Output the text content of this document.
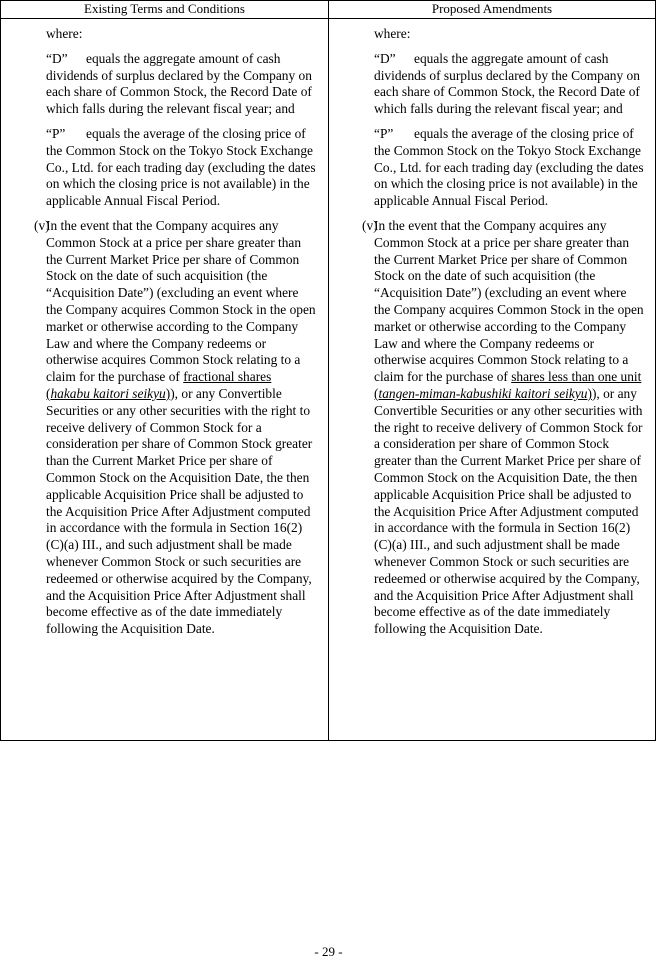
Existing Terms and Conditions	Proposed Amendments

where:

“D” equals the aggregate amount of cash dividends of surplus declared by the Company on each share of Common Stock, the Record Date of which falls during the relevant fiscal year; and

“P” equals the average of the closing price of the Common Stock on the Tokyo Stock Exchange Co., Ltd. for each trading day (excluding the dates on which the closing price is not available) in the applicable Annual Fiscal Period.

(v)
In the event that the Company acquires any Common Stock at a price per share greater than the Current Market Price per share of Common Stock on the date of such acquisition (the “Acquisition Date”) (excluding an event where the Company acquires Common Stock in the open market or otherwise according to the Company Law and where the Company redeems or otherwise acquires Common Stock relating to a claim for the purchase of fractional shares (hakabu kaitori seikyu)), or any Convertible Securities or any other securities with the right to receive delivery of Common Stock for a consideration per share of Common Stock greater than the Current Market Price per share of Common Stock on the Acquisition Date, the then applicable Acquisition Price shall be adjusted to the Acquisition Price After Adjustment computed in accordance with the formula in Section 16(2)(C)(a) III., and such adjustment shall be made whenever Common Stock or such securities are redeemed or otherwise acquired by the Company, and the Acquisition Price After Adjustment shall become effective as of the date immediately following the Acquisition Date.

where:

“D” equals the aggregate amount of cash dividends of surplus declared by the Company on each share of Common Stock, the Record Date of which falls during the relevant fiscal year; and

“P” equals the average of the closing price of the Common Stock on the Tokyo Stock Exchange Co., Ltd. for each trading day (excluding the dates on which the closing price is not available) in the applicable Annual Fiscal Period.

(v)
In the event that the Company acquires any Common Stock at a price per share greater than the Current Market Price per share of Common Stock on the date of such acquisition (the “Acquisition Date”) (excluding an event where the Company acquires Common Stock in the open market or otherwise according to the Company Law and where the Company redeems or otherwise acquires Common Stock relating to a claim for the purchase of shares less than one unit (tangen-miman-kabushiki kaitori seikyu)), or any Convertible Securities or any other securities with the right to receive delivery of Common Stock for a consideration per share of Common Stock greater than the Current Market Price per share of Common Stock on the Acquisition Date, the then applicable Acquisition Price shall be adjusted to the Acquisition Price After Adjustment computed in accordance with the formula in Section 16(2)(C)(a) III., and such adjustment shall be made whenever Common Stock or such securities are redeemed or otherwise acquired by the Company, and the Acquisition Price After Adjustment shall become effective as of the date immediately following the Acquisition Date.

- 29 -
